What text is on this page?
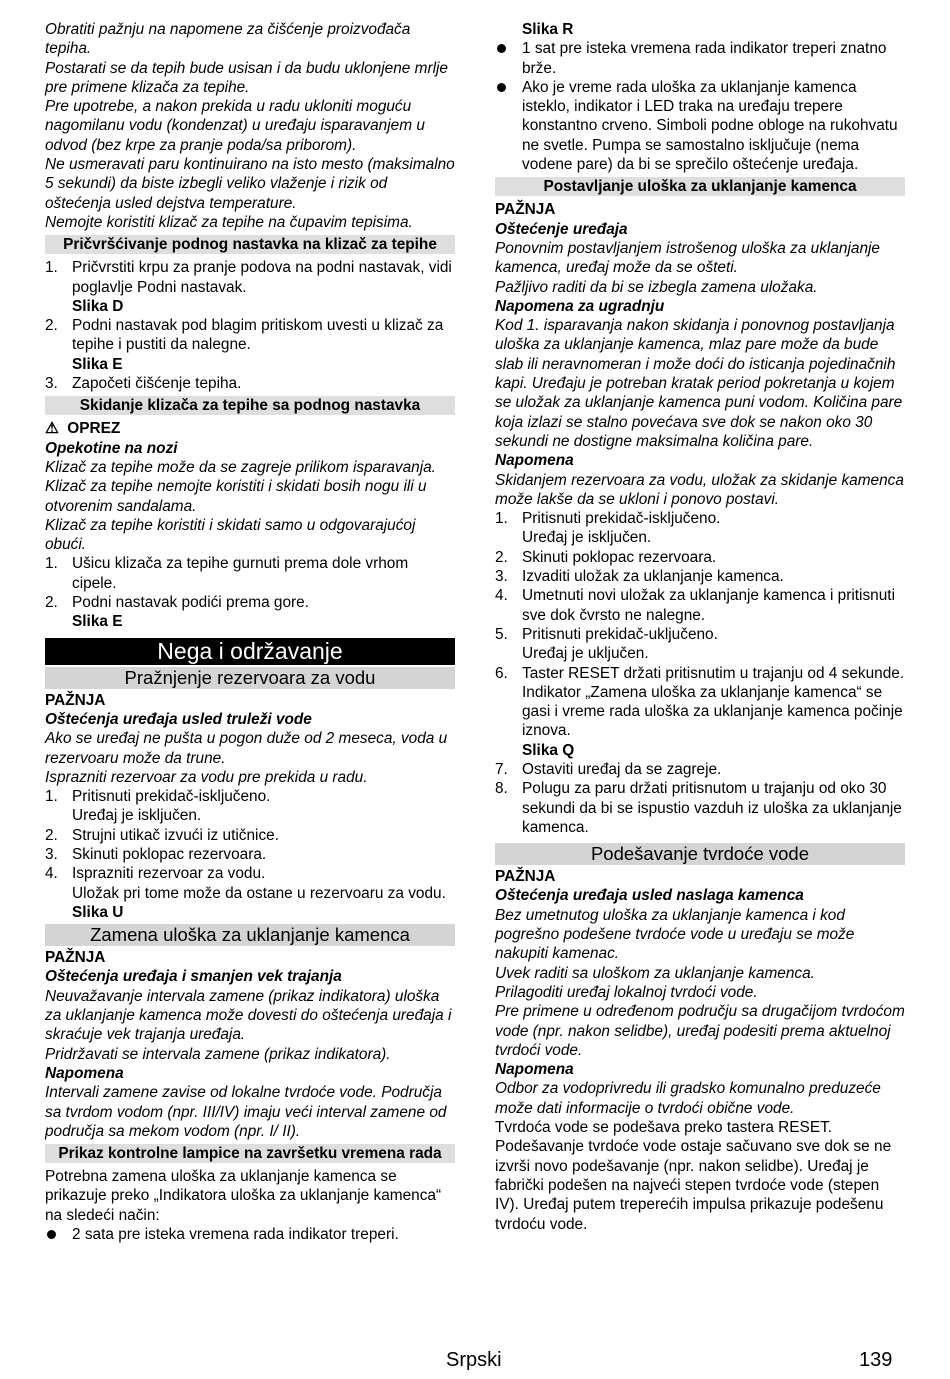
Obratiti pažnju na napomene za čišćenje proizvođača tepiha.

Postarati se da tepih bude usisan i da budu uklonjene mrlje pre primene klizača za tepihe.

Pre upotrebe, a nakon prekida u radu ukloniti moguću nagomilanu vodu (kondenzat) u uređaju isparavanjem u odvod (bez krpe za pranje poda/sa priborom).

Ne usmeravati paru kontinuirano na isto mesto (maksimalno 5 sekundi) da biste izbegli veliko vlaženje i rizik od oštećenja usled dejstva temperature.

Nemojte koristiti klizač za tepihe na čupavim tepisima.

Pričvršćivanje podnog nastavka na klizač za tepihe
1. Pričvrstiti krpu za pranje podova na podni nastavak, vidi poglavlje Podni nastavak.
Slika D
2. Podni nastavak pod blagim pritiskom uvesti u klizač za tepihe i pustiti da nalegne.
Slika E
3. Započeti čišćenje tepiha.
Skidanje klizača za tepihe sa podnog nastavka

⚠ OPREZ

Opekotine na nozi

Klizač za tepihe može da se zagreje prilikom isparavanja.

Klizač za tepihe nemojte koristiti i skidati bosih nogu ili u otvorenim sandalama.

Klizač za tepihe koristiti i skidati samo u odgovarajućoj obući.

1. Ušicu klizača za tepihe gurnuti prema dole vrhom cipele.
2. Podni nastavak podići prema gore.
Slika E
Nega i održavanje
Pražnjenje rezervoara za vodu

PAŽNJA

Oštećenja uređaja usled truleži vode

Ako se uređaj ne pušta u pogon duže od 2 meseca, voda u rezervoaru može da trune.

Isprazniti rezervoar za vodu pre prekida u radu.

1. Pritisnuti prekidač-isključeno.
Uređaj je isključen.
2. Strujni utikač izvući iz utičnice.
3. Skinuti poklopac rezervoara.
4. Isprazniti rezervoar za vodu.
Uložak pri tome može da ostane u rezervoaru za vodu.
Slika U
Zamena uloška za uklanjanje kamenca

PAŽNJA

Oštećenja uređaja i smanjen vek trajanja

Neuvažavanje intervala zamene (prikaz indikatora) uloška za uklanjanje kamenca može dovesti do oštećenja uređaja i skraćuje vek trajanja uređaja.

Pridržavati se intervala zamene (prikaz indikatora).

Napomena

Intervali zamene zavise od lokalne tvrdoće vode. Područja sa tvrdom vodom (npr. III/IV) imaju veći interval zamene od područja sa mekom vodom (npr. I/ II).

Prikaz kontrolne lampice na završetku vremena rada

Potrebna zamena uloška za uklanjanje kamenca se prikazuje preko „Indikatora uloška za uklanjanje kamenca“ na sledeći način:

2 sata pre isteka vremena rada indikator treperi.
Slika R
1 sat pre isteka vremena rada indikator treperi znatno brže.
Ako je vreme rada uloška za uklanjanje kamenca isteklo, indikator i LED traka na uređaju trepere konstantno crveno. Simboli podne obloge na rukohvatu ne svetle. Pumpa se samostalno isključuje (nema vodene pare) da bi se sprečilo oštećenje uređaja.
Postavljanje uloška za uklanjanje kamenca

PAŽNJA

Oštećenje uređaja

Ponovnim postavljanjem istrošenog uloška za uklanjanje kamenca, uređaj može da se ošteti.

Pažljivo raditi da bi se izbegla zamena uložaka.

Napomena za ugradnju

Kod 1. isparavanja nakon skidanja i ponovnog postavljanja uloška za uklanjanje kamenca, mlaz pare može da bude slab ili neravnomeran i može doći do isticanja pojedinačnih kapi. Uređaju je potreban kratak period pokretanja u kojem se uložak za uklanjanje kamenca puni vodom. Količina pare koja izlazi se stalno povećava sve dok se nakon oko 30 sekundi ne dostigne maksimalna količina pare.

Napomena

Skidanjem rezervoara za vodu, uložak za skidanje kamenca može lakše da se ukloni i ponovo postavi.

1. Pritisnuti prekidač-isključeno.
Uređaj je isključen.
2. Skinuti poklopac rezervoara.
3. Izvaditi uložak za uklanjanje kamenca.
4. Umetnuti novi uložak za uklanjanje kamenca i pritisnuti sve dok čvrsto ne nalegne.
5. Pritisnuti prekidač-uključeno.
Uređaj je uključen.
6. Taster RESET držati pritisnutim u trajanju od 4 sekunde.
Indikator „Zamena uloška za uklanjanje kamenca“ se gasi i vreme rada uloška za uklanjanje kamenca počinje iznova.
Slika Q
7. Ostaviti uređaj da se zagreje.
8. Polugu za paru držati pritisnutom u trajanju od oko 30 sekundi da bi se ispustio vazduh iz uloška za uklanjanje kamenca.
Podešavanje tvrdoće vode

PAŽNJA

Oštećenja uređaja usled naslaga kamenca

Bez umetnutog uloška za uklanjanje kamenca i kod pogrešno podešene tvrdoće vode u uređaju se može nakupiti kamenac.

Uvek raditi sa uloškom za uklanjanje kamenca.

Prilagoditi uređaj lokalnoj tvrdoći vode.

Pre primene u određenom području sa drugačijom tvrdoćom vode (npr. nakon selidbe), uređaj podesiti prema aktuelnoj tvrdoći vode.

Napomena

Odbor za vodoprivredu ili gradsko komunalno preduzeće može dati informacije o tvrdoći obične vode.

Tvrdoća vode se podešava preko tastera RESET. Podešavanje tvrdoće vode ostaje sačuvano sve dok se ne izvrši novo podešavanje (npr. nakon selidbe). Uređaj je fabrički podešen na najveći stepen tvrdoće vode (stepen IV). Uređaj putem treperećih impulsa prikazuje podešenu tvrdoću vode.

Srpski	139
